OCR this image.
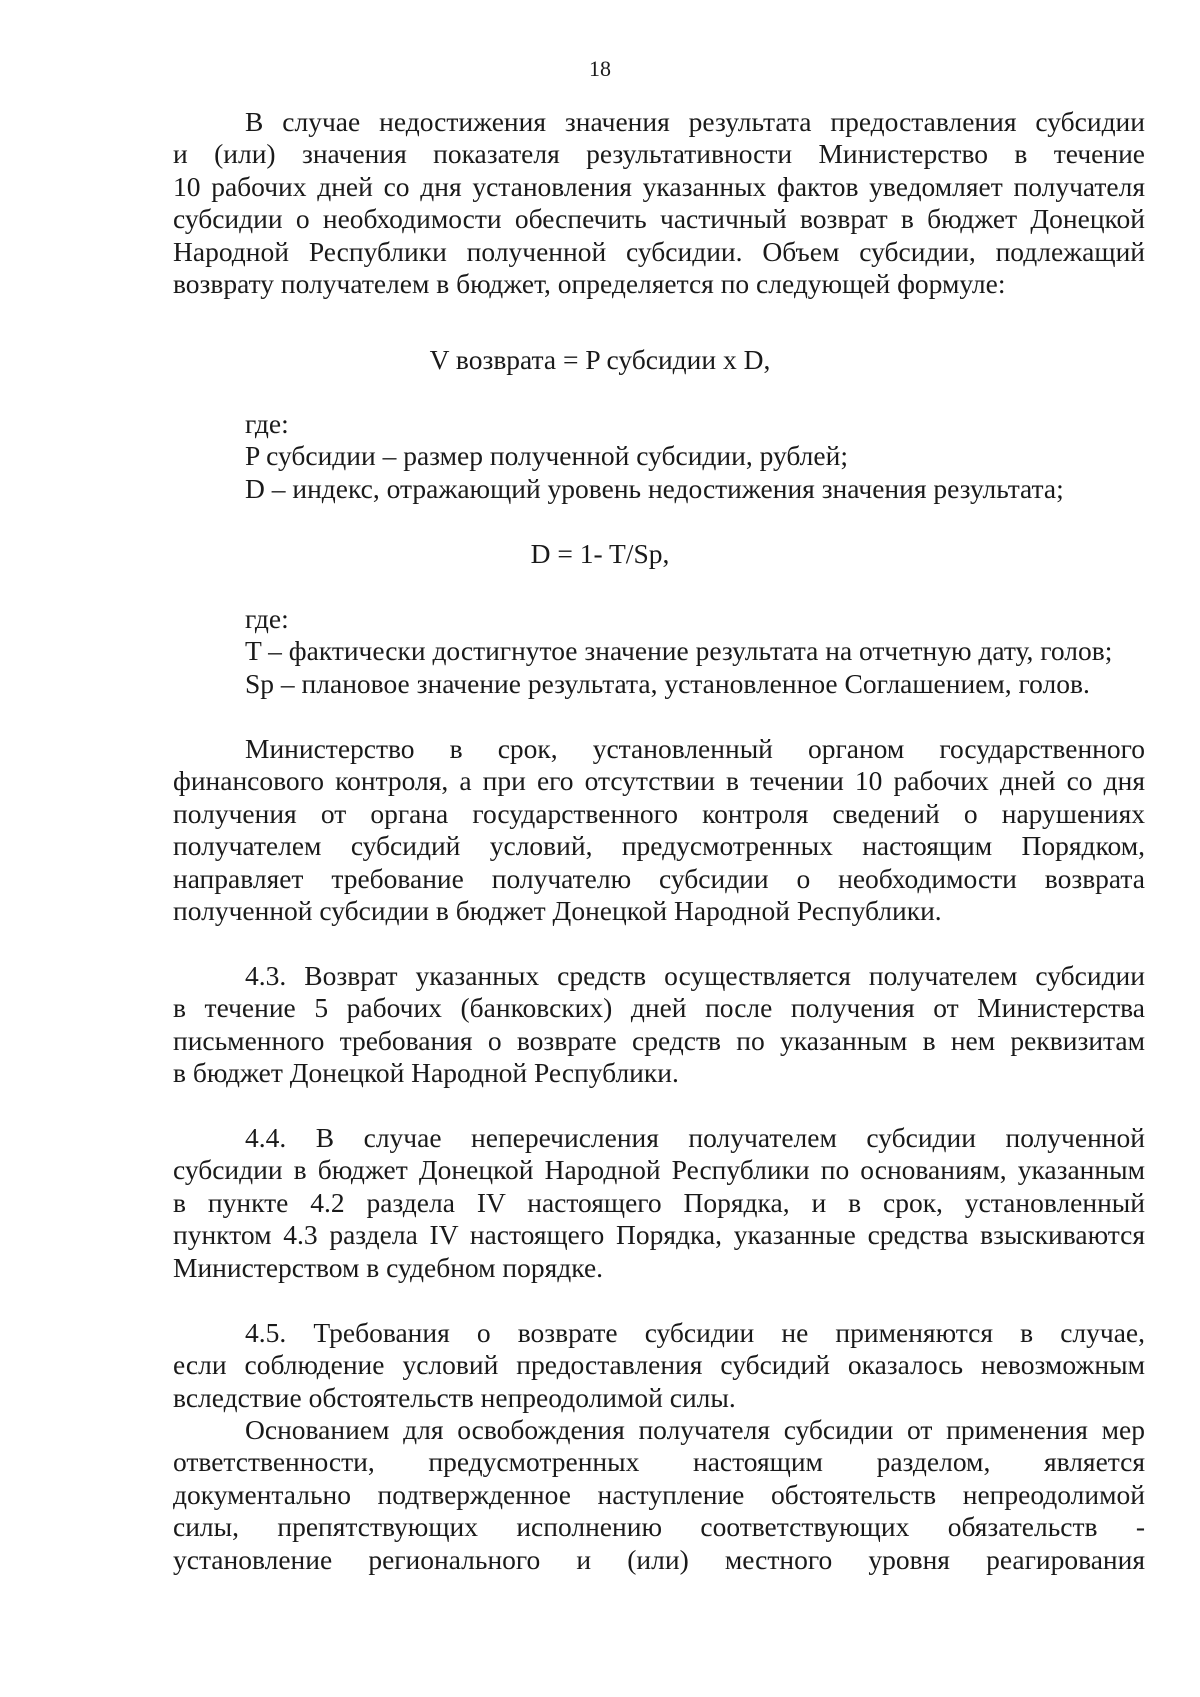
18
В случае недостижения значения результата предоставления субсидии
и (или) значения показателя результативности Министерство в течение
10 рабочих дней со дня установления указанных фактов уведомляет получателя
субсидии о необходимости обеспечить частичный возврат в бюджет Донецкой
Народной Республики полученной субсидии. Объем субсидии, подлежащий
возврату получателем в бюджет, определяется по следующей формуле:
V возврата = P субсидии x D,
где:
P субсидии – размер полученной субсидии, рублей;
D – индекс, отражающий уровень недостижения значения результата;
D = 1- T/Sp,
где:
T – фактически достигнутое значение результата на отчетную дату, голов;
Sp – плановое значение результата, установленное Соглашением, голов.
Министерство в срок, установленный органом государственного
финансового контроля, а при его отсутствии в течении 10 рабочих дней со дня
получения от органа государственного контроля сведений о нарушениях
получателем субсидий условий, предусмотренных настоящим Порядком,
направляет требование получателю субсидии о необходимости возврата
полученной субсидии в бюджет Донецкой Народной Республики.
4.3. Возврат указанных средств осуществляется получателем субсидии
в течение 5 рабочих (банковских) дней после получения от Министерства
письменного требования о возврате средств по указанным в нем реквизитам
в бюджет Донецкой Народной Республики.
4.4. В случае неперечисления получателем субсидии полученной
субсидии в бюджет Донецкой Народной Республики по основаниям, указанным
в пункте 4.2 раздела IV настоящего Порядка, и в срок, установленный
пунктом 4.3 раздела IV настоящего Порядка, указанные средства взыскиваются
Министерством в судебном порядке.
4.5. Требования о возврате субсидии не применяются в случае,
если соблюдение условий предоставления субсидий оказалось невозможным
вследствие обстоятельств непреодолимой силы.
Основанием для освобождения получателя субсидии от применения мер
ответственности, предусмотренных настоящим разделом, является
документально подтвержденное наступление обстоятельств непреодолимой
силы, препятствующих исполнению соответствующих обязательств -
установление регионального и (или) местного уровня реагирования
